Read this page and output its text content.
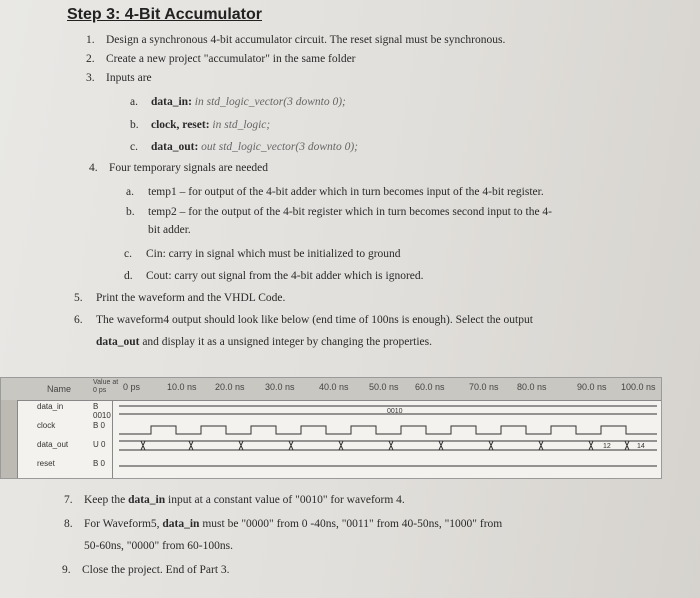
Step 3: 4-Bit Accumulator
1. Design a synchronous 4-bit accumulator circuit. The reset signal must be synchronous.
2. Create a new project "accumulator" in the same folder
3. Inputs are
a. data_in: in std_logic_vector(3 downto 0);
b. clock, reset: in std_logic;
c. data_out: out std_logic_vector(3 downto 0);
4. Four temporary signals are needed
a. temp1 – for output of the 4-bit adder which in turn becomes input of the 4-bit register.
b. temp2 – for the output of the 4-bit register which in turn becomes second input to the 4-
bit adder.
c. Cin: carry in signal which must be initialized to ground
d. Cout: carry out signal from the 4-bit adder which is ignored.
5. Print the waveform and the VHDL Code.
6. The waveform4 output should look like below (end time of 100ns is enough). Select the output
data_out and display it as a unsigned integer by changing the properties.
Name
Value at 0 ps	0 ps	10.0 ns 20.0 ns 30.0 ns	40.0 ns 50.0 ns 60.0 ns	70.0 ns 80.0 ns	90.0 ns 100.0 ns
data_in
clock
data_out
reset
B 0010
B 0
U 0
B 0
0010
12	14
7. Keep the data_in input at a constant value of "0010" for waveform 4.
8. For Waveform5, data_in must be "0000" from 0 -40ns, "0011" from 40-50ns, "1000" from
50-60ns, "0000" from 60-100ns.
9. Close the project. End of Part 3.
